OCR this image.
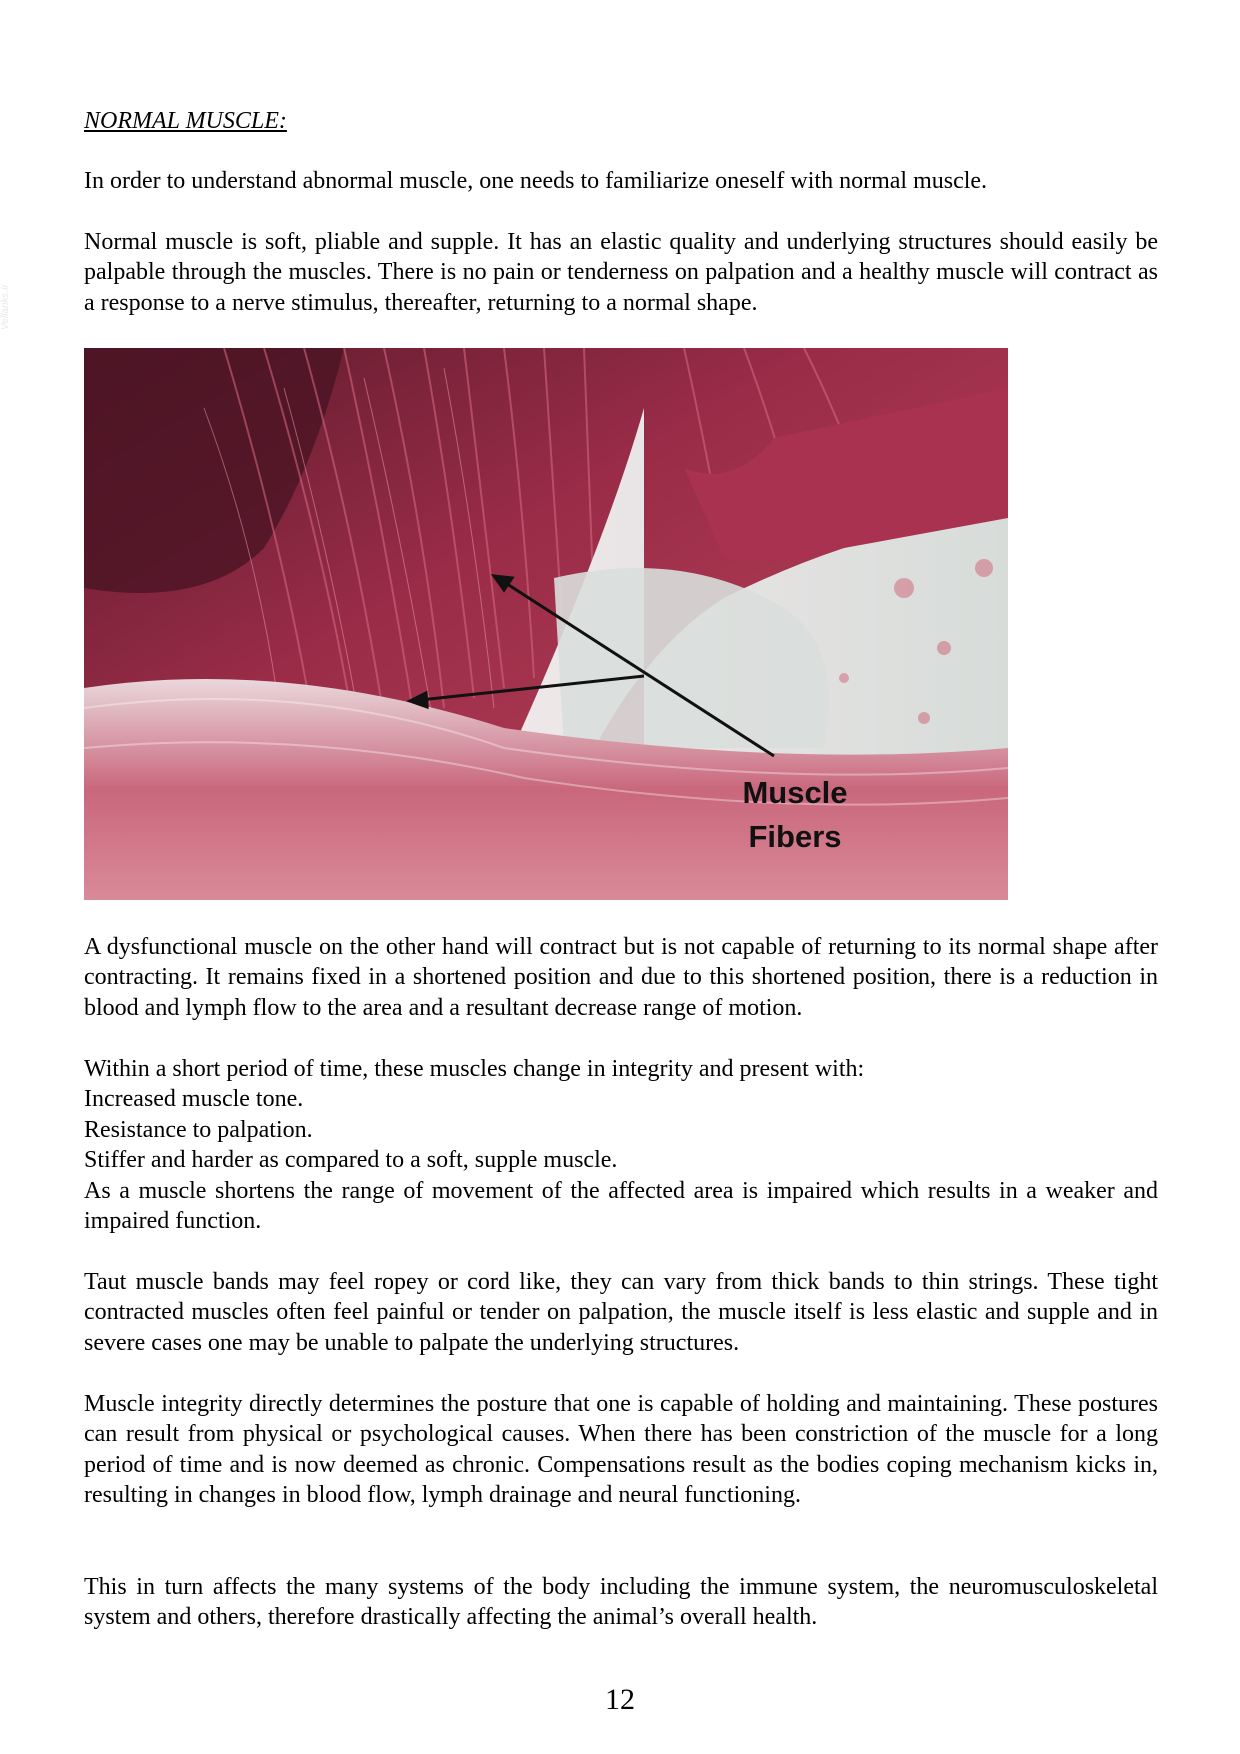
Vellanks.ir
NORMAL MUSCLE:

In order to understand abnormal muscle, one needs to familiarize oneself with normal muscle.

Normal muscle is soft, pliable and supple. It has an elastic quality and underlying structures should easily be palpable through the muscles. There is no pain or tenderness on palpation and a healthy muscle will contract as a response to a nerve stimulus, thereafter, returning to a normal shape.

Muscle
Fibers

A dysfunctional muscle on the other hand will contract but is not capable of returning to its normal shape after contracting. It remains fixed in a shortened position and due to this shortened position, there is a reduction in blood and lymph flow to the area and a resultant decrease range of motion.

Within a short period of time, these muscles change in integrity and present with:
Increased muscle tone.
Resistance to palpation.
Stiffer and harder as compared to a soft, supple muscle.
As a muscle shortens the range of movement of the affected area is impaired which results in a weaker and impaired function.

Taut muscle bands may feel ropey or cord like, they can vary from thick bands to thin strings. These tight contracted muscles often feel painful or tender on palpation, the muscle itself is less elastic and supple and in severe cases one may be unable to palpate the underlying structures.

Muscle integrity directly determines the posture that one is capable of holding and maintaining. These postures can result from physical or psychological causes. When there has been constriction of the muscle for a long period of time and is now deemed as chronic. Compensations result as the bodies coping mechanism kicks in, resulting in changes in blood flow, lymph drainage and neural functioning.

This in turn affects the many systems of the body including the immune system, the neuromusculoskeletal system and others, therefore drastically affecting the animal’s overall health.

12
